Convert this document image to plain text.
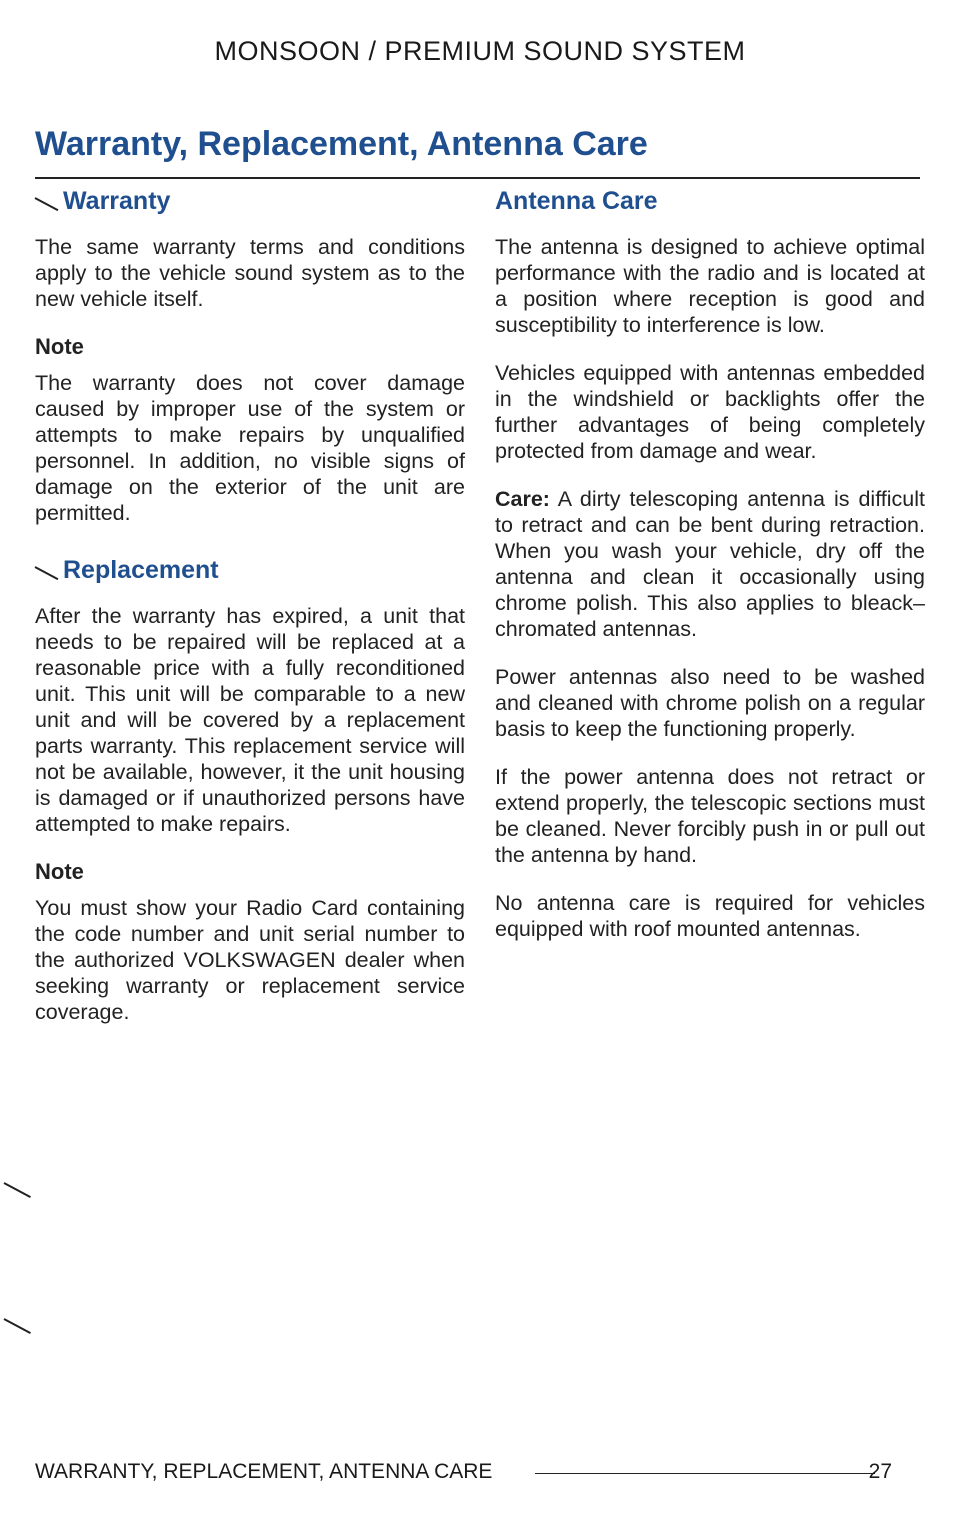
MONSOON / PREMIUM SOUND SYSTEM
Warranty, Replacement, Antenna Care
Warranty

The same warranty terms and conditions apply to the vehicle sound system as to the new vehicle itself.

Note

The warranty does not cover damage caused by improper use of the system or attempts to make repairs by unqualified personnel. In addition, no visible signs of damage on the exterior of the unit are permitted.

Replacement

After the warranty has expired, a unit that needs to be repaired will be replaced at a reasonable price with a fully reconditioned unit. This unit will be comparable to a new unit and will be covered by a replacement parts warranty. This replacement service will not be available, however, it the unit housing is damaged or if unauthorized persons have attempted to make repairs.

Note

You must show your Radio Card containing the code number and unit serial number to the authorized VOLKSWAGEN dealer when seeking warranty or replacement service coverage.

Antenna Care

The antenna is designed to achieve optimal performance with the radio and is located at a position where reception is good and susceptibility to interference is low.

Vehicles equipped with antennas embedded in the windshield or backlights offer the further advantages of being completely protected from damage and wear.

Care: A dirty telescoping antenna is difficult to retract and can be bent during retraction. When you wash your vehicle, dry off the antenna and clean it occasionally using chrome polish. This also applies to bleack–chromated antennas.

Power antennas also need to be washed and cleaned with chrome polish on a regular basis to keep the functioning properly.

If the power antenna does not retract or extend properly, the telescopic sections must be cleaned. Never forcibly push in or pull out the antenna by hand.

No antenna care is required for vehicles equipped with roof mounted antennas.

WARRANTY, REPLACEMENT, ANTENNA CARE	27
